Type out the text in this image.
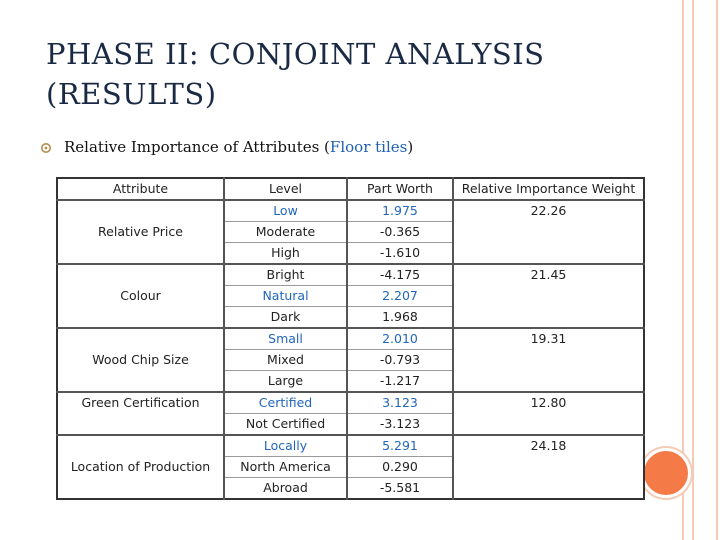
PHASE II: CONJOINT ANALYSIS
(RESULTS)
Relative Importance of Attributes (Floor tiles)
Attribute	Level	Part Worth	Relative Importance Weight
Relative Price	Low	1.975	22.26
	Moderate	-0.365	
	High	-1.610	
Colour	Bright	-4.175	21.45
	Natural	2.207	
	Dark	1.968	
Wood Chip Size	Small	2.010	19.31
	Mixed	-0.793	
	Large	-1.217	
Green Certification	Certified	3.123	12.80
	Not Certified	-3.123	
Location of Production	Locally	5.291	24.18
	North America	0.290	
	Abroad	-5.581	
